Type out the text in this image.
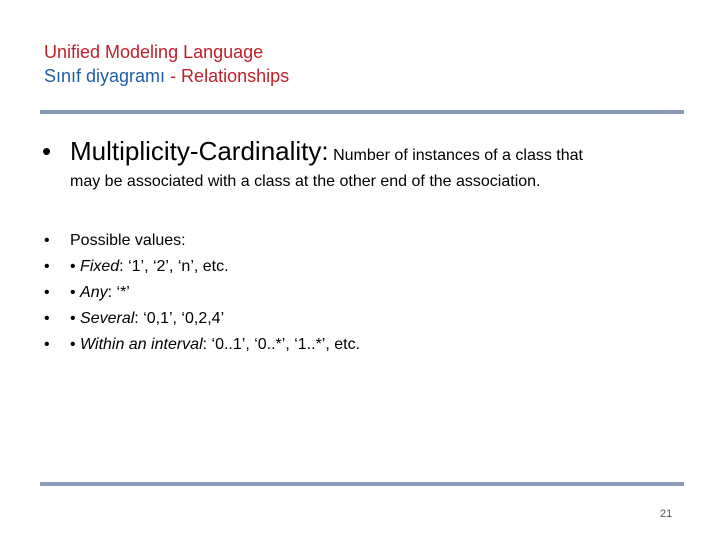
Unified Modeling Language
Sınıf diyagramı - Relationships
• Multiplicity-Cardinality: Number of instances of a class that
may be associated with a class at the other end of the association.
• Possible values:
• • Fixed: ‘1’, ‘2’, ‘n’, etc.
• • Any: ‘*’
• • Several: ‘0,1’, ‘0,2,4’
• • Within an interval: ‘0..1’, ‘0..*’, ‘1..*’, etc.
21
